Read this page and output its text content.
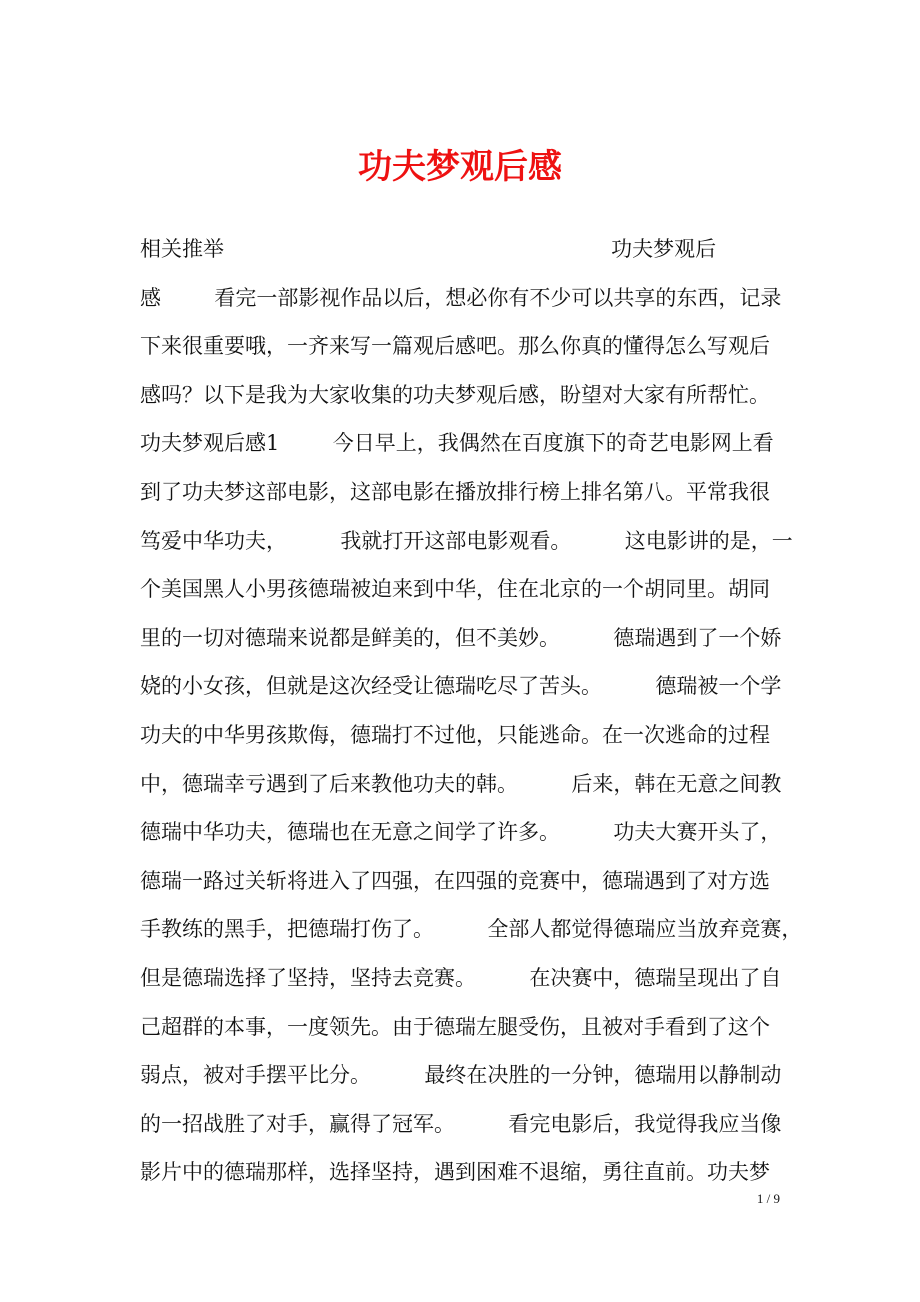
功夫梦观后感
相关推举                                                          功夫梦观后
感        看完一部影视作品以后，想必你有不少可以共享的东西，记录
下来很重要哦，一齐来写一篇观后感吧。那么你真的懂得怎么写观后
感吗？以下是我为大家收集的功夫梦观后感，盼望对大家有所帮忙。
功夫梦观后感1        今日早上，我偶然在百度旗下的奇艺电影网上看
到了功夫梦这部电影，这部电影在播放排行榜上排名第八。平常我很
笃爱中华功夫，        我就打开这部电影观看。        这电影讲的是，一
个美国黑人小男孩德瑞被迫来到中华，住在北京的一个胡同里。胡同
里的一切对德瑞来说都是鲜美的，但不美妙。        德瑞遇到了一个娇
娆的小女孩，但就是这次经受让德瑞吃尽了苦头。        德瑞被一个学
功夫的中华男孩欺侮，德瑞打不过他，只能逃命。在一次逃命的过程
中，德瑞幸亏遇到了后来教他功夫的韩。        后来，韩在无意之间教
德瑞中华功夫，德瑞也在无意之间学了许多。        功夫大赛开头了，
德瑞一路过关斩将进入了四强，在四强的竞赛中，德瑞遇到了对方选
手教练的黑手，把德瑞打伤了。        全部人都觉得德瑞应当放弃竞赛，
但是德瑞选择了坚持，坚持去竞赛。        在决赛中，德瑞呈现出了自
己超群的本事，一度领先。由于德瑞左腿受伤，且被对手看到了这个
弱点，被对手摆平比分。        最终在决胜的一分钟，德瑞用以静制动
的一招战胜了对手，赢得了冠军。        看完电影后，我觉得我应当像
影片中的德瑞那样，选择坚持，遇到困难不退缩，勇往直前。功夫梦
1 / 9
